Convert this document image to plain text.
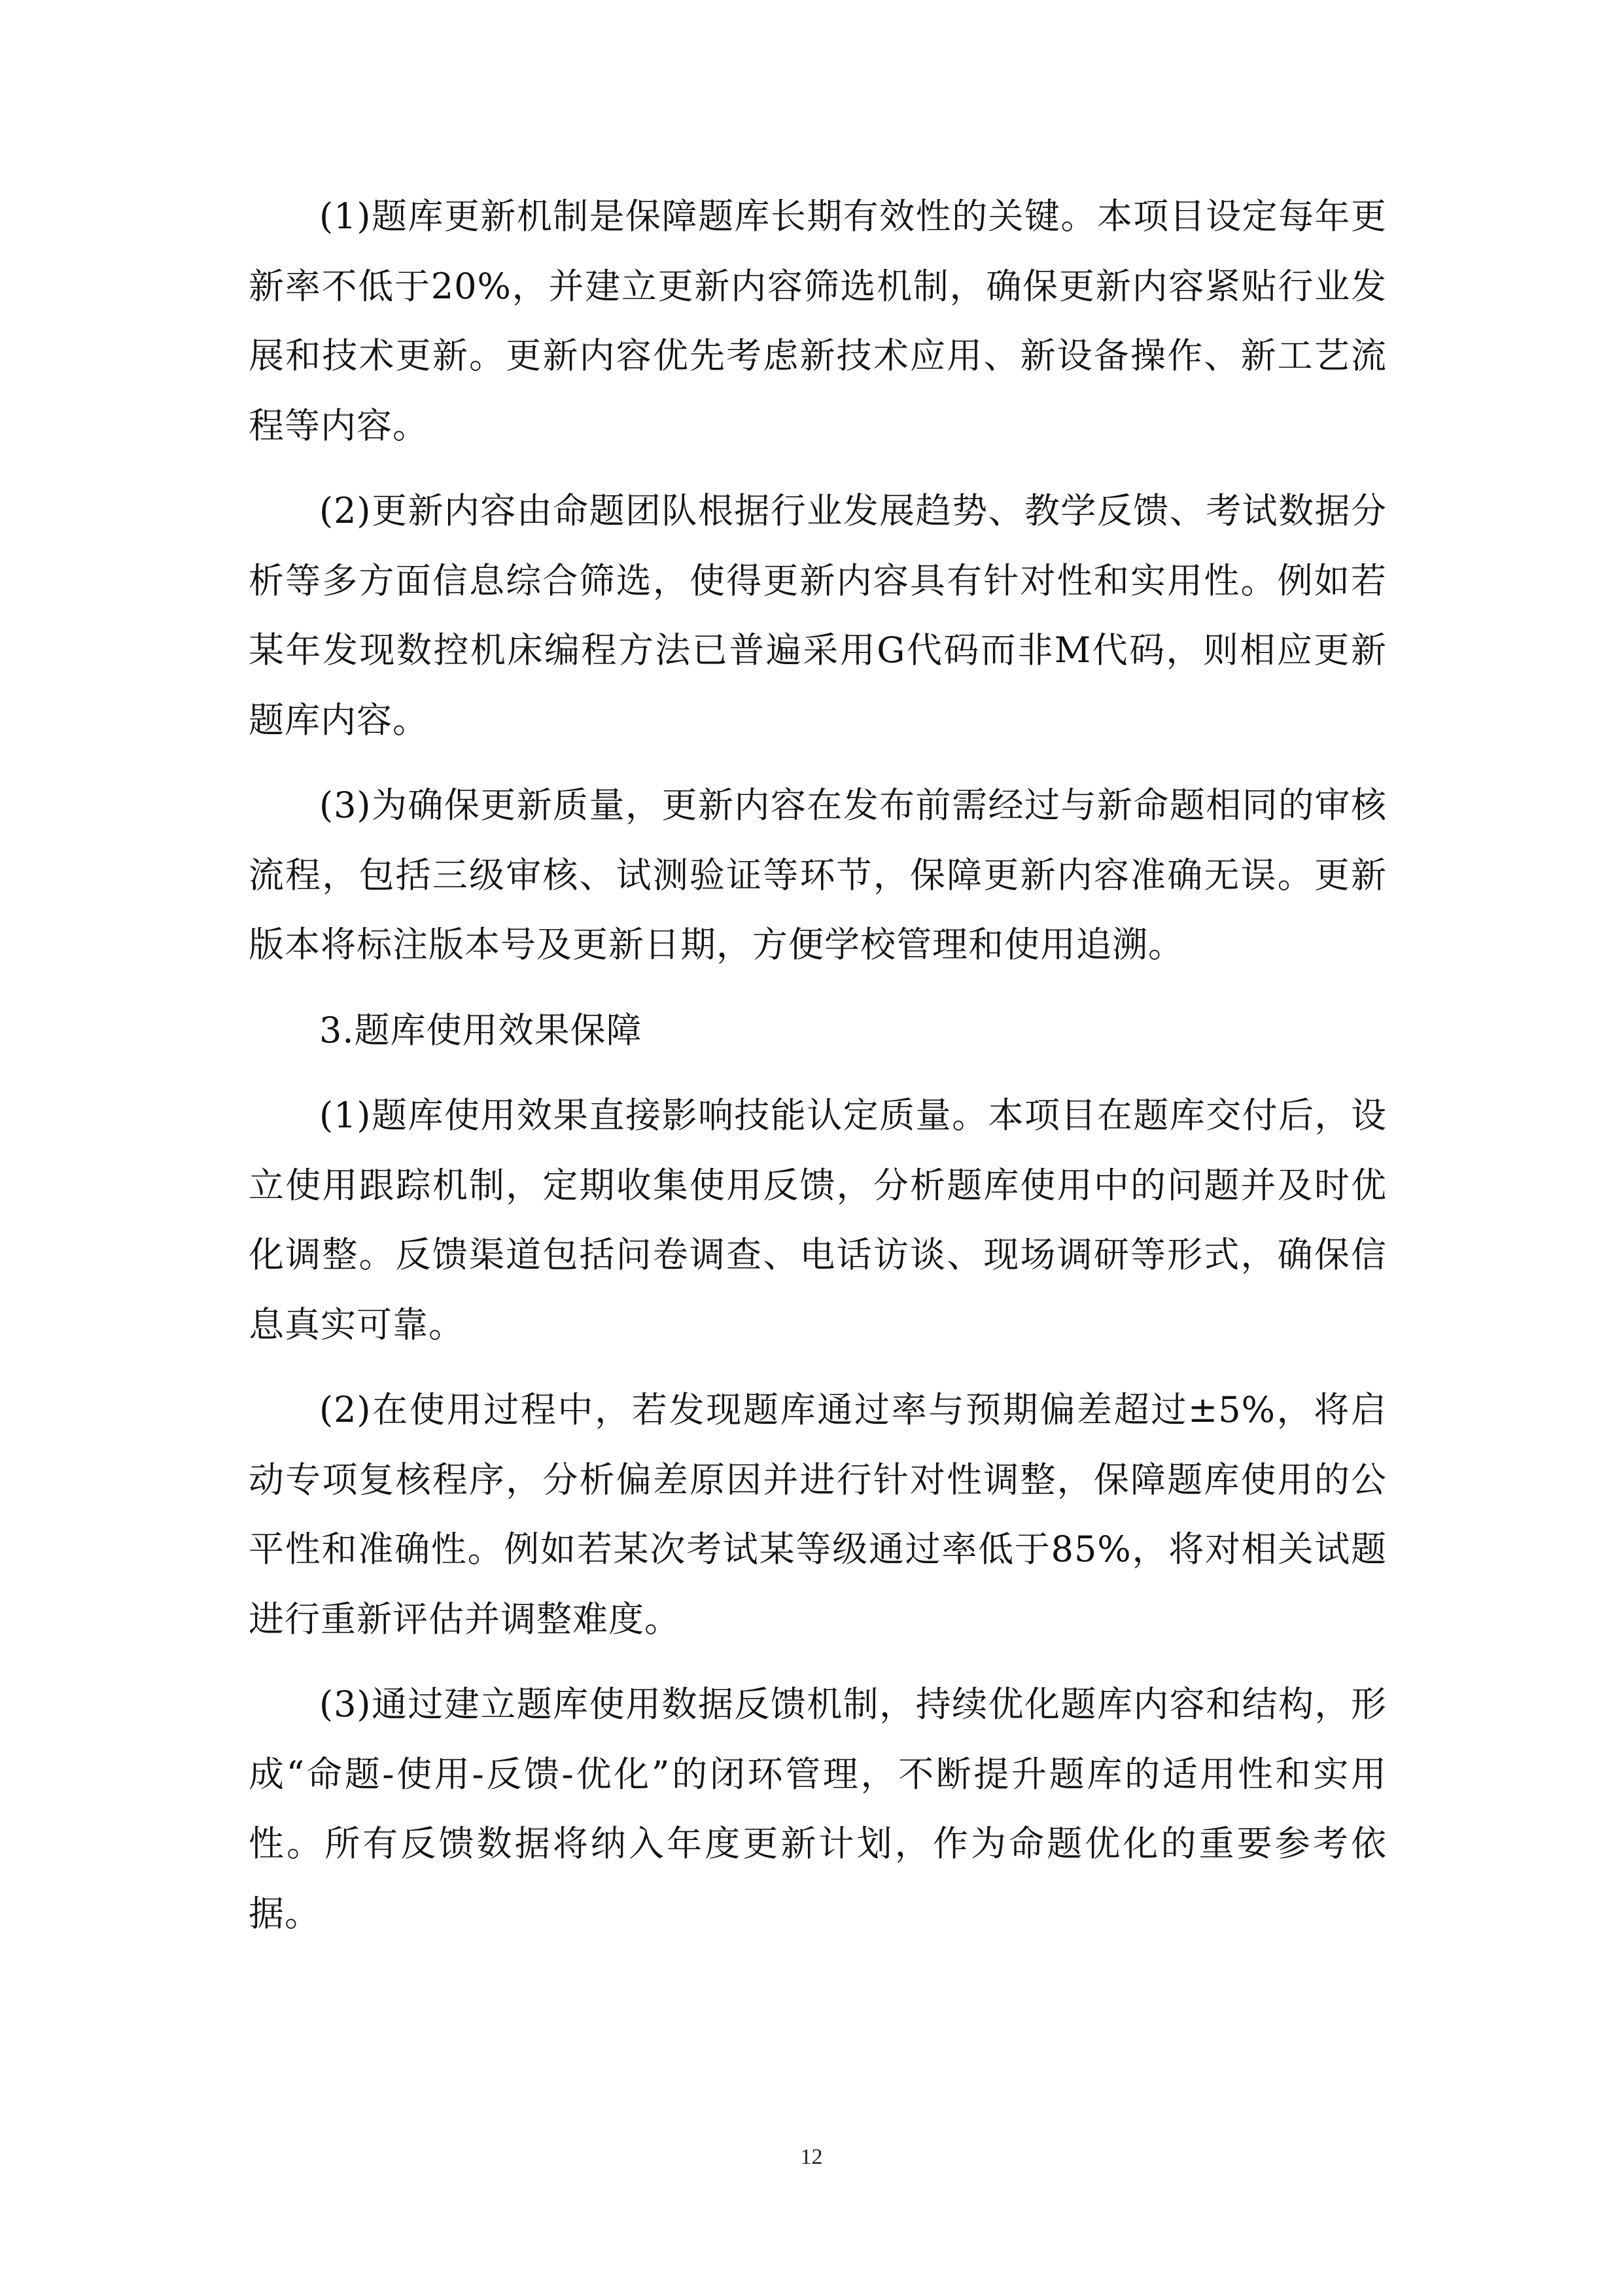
(1)题库更新机制是保障题库长期有效性的关键。本项目设定每年更新率不低于20%，并建立更新内容筛选机制，确保更新内容紧贴行业发展和技术更新。更新内容优先考虑新技术应用、新设备操作、新工艺流程等内容。

(2)更新内容由命题团队根据行业发展趋势、教学反馈、考试数据分析等多方面信息综合筛选，使得更新内容具有针对性和实用性。例如若某年发现数控机床编程方法已普遍采用G代码而非M代码，则相应更新题库内容。

(3)为确保更新质量，更新内容在发布前需经过与新命题相同的审核流程，包括三级审核、试测验证等环节，保障更新内容准确无误。更新版本将标注版本号及更新日期，方便学校管理和使用追溯。

3.题库使用效果保障

(1)题库使用效果直接影响技能认定质量。本项目在题库交付后，设立使用跟踪机制，定期收集使用反馈，分析题库使用中的问题并及时优化调整。反馈渠道包括问卷调查、电话访谈、现场调研等形式，确保信息真实可靠。

(2)在使用过程中，若发现题库通过率与预期偏差超过±5%，将启动专项复核程序，分析偏差原因并进行针对性调整，保障题库使用的公平性和准确性。例如若某次考试某等级通过率低于85%，将对相关试题进行重新评估并调整难度。

(3)通过建立题库使用数据反馈机制，持续优化题库内容和结构，形成“命题-使用-反馈-优化”的闭环管理，不断提升题库的适用性和实用性。所有反馈数据将纳入年度更新计划，作为命题优化的重要参考依据。

12
